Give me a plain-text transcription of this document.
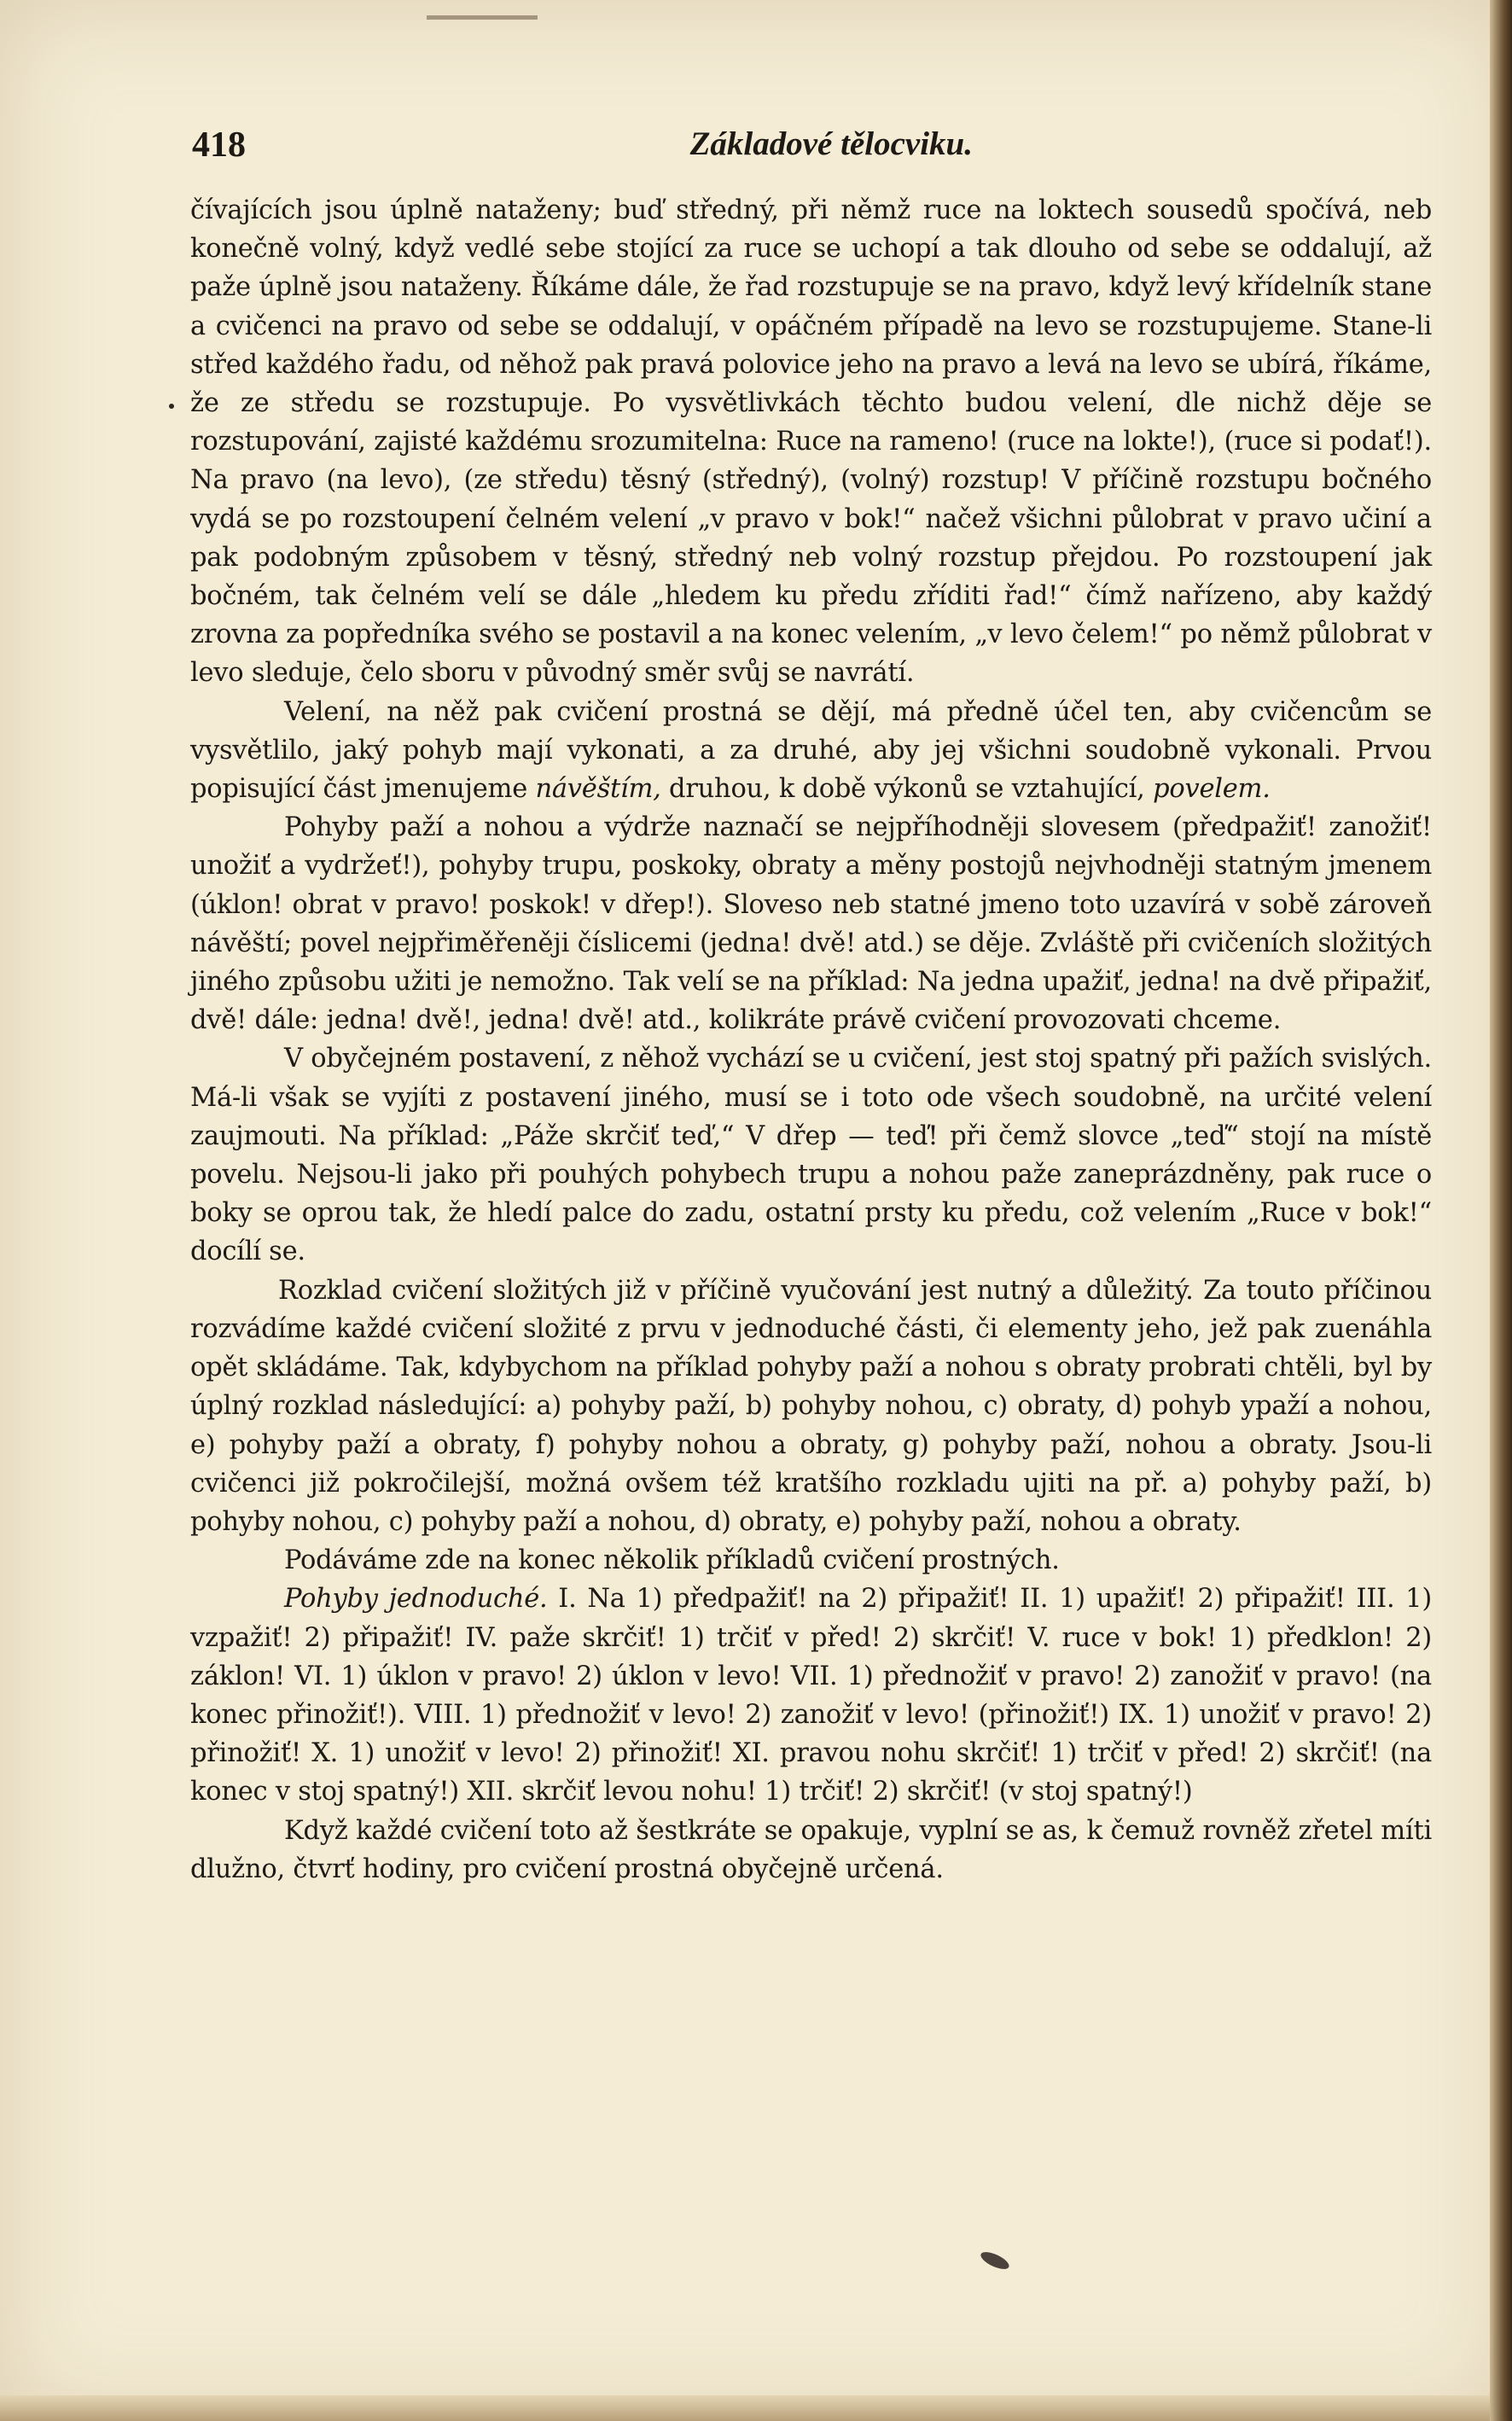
418	Základové tělocviku.

čívajících jsou úplně nataženy; buď středný, při němž ruce na loktech sousedů spočívá, neb konečně volný, když vedlé sebe stojící za ruce se uchopí a tak dlouho od sebe se oddalují, až paže úplně jsou nataženy. Říkáme dále, že řad rozstupuje se na pravo, když levý křídelník stane a cvičenci na pravo od sebe se oddalují, v opáčném případě na levo se rozstupujeme. Stane-li střed každého řadu, od něhož pak pravá polovice jeho na pravo a levá na levo se ubírá, říkáme, že ze středu se rozstupuje. Po vysvětlivkách těchto budou velení, dle nichž děje se rozstupování, zajisté každému srozumitelna: Ruce na rameno! (ruce na lokte!), (ruce si podať!). Na pravo (na levo), (ze středu) těsný (středný), (volný) rozstup! V příčině rozstupu bočného vydá se po rozstoupení čelném velení „v pravo v bok!“ načež všichni půlobrat v pravo učiní a pak podobným způsobem v těsný, středný neb volný rozstup přejdou. Po rozstoupení jak bočném, tak čelném velí se dále „hledem ku předu zříditi řad!“ čímž nařízeno, aby každý zrovna za popředníka svého se postavil a na konec velením, „v levo čelem!“ po němž půlobrat v levo sleduje, čelo sboru v původný směr svůj se navrátí.

Velení, na něž pak cvičení prostná se dějí, má předně účel ten, aby cvičencům se vysvětlilo, jaký pohyb mají vykonati, a za druhé, aby jej všichni soudobně vykonali. Prvou popisující část jmenujeme návěštím, druhou, k době výkonů se vztahující, povelem.

Pohyby paží a nohou a výdrže naznačí se nejpříhodněji slovesem (předpažiť! zanožiť! unožiť a vydržeť!), pohyby trupu, poskoky, obraty a měny postojů nejvhodněji statným jmenem (úklon! obrat v pravo! poskok! v dřep!). Sloveso neb statné jmeno toto uzavírá v sobě zároveň návěští; povel nejpřiměřeněji číslicemi (jedna! dvě! atd.) se děje. Zvláště při cvičeních složitých jiného způsobu užiti je nemožno. Tak velí se na příklad: Na jedna upažiť, jedna! na dvě připažiť, dvě! dále: jedna! dvě!, jedna! dvě! atd., kolikráte právě cvičení provozovati chceme.

V obyčejném postavení, z něhož vychází se u cvičení, jest stoj spatný při pažích svislých. Má-li však se vyjíti z postavení jiného, musí se i toto ode všech soudobně, na určité velení zaujmouti. Na příklad: „Páže skrčiť teď,“ V dřep — teď! při čemž slovce „teď“ stojí na místě povelu. Nejsou-li jako při pouhých pohybech trupu a nohou paže zaneprázdněny, pak ruce o boky se oprou tak, že hledí palce do zadu, ostatní prsty ku předu, což velením „Ruce v bok!“ docílí se.

Rozklad cvičení složitých již v příčině vyučování jest nutný a důležitý. Za touto příčinou rozvádíme každé cvičení složité z prvu v jednoduché části, či elementy jeho, jež pak zuenáhla opět skládáme. Tak, kdybychom na příklad pohyby paží a nohou s obraty probrati chtěli, byl by úplný rozklad následující: a) pohyby paží, b) pohyby nohou, c) obraty, d) pohyb ypaží a nohou, e) pohyby paží a obraty, f) pohyby nohou a obraty, g) pohyby paží, nohou a obraty. Jsou-li cvičenci již pokročilejší, možná ovšem též kratšího rozkladu ujiti na př. a) pohyby paží, b) pohyby nohou, c) pohyby paží a nohou, d) obraty, e) pohyby paží, nohou a obraty.

Podáváme zde na konec několik příkladů cvičení prostných.

Pohyby jednoduché. I. Na 1) předpažiť! na 2) připažiť! II. 1) upažiť! 2) připažiť! III. 1) vzpažiť! 2) připažiť! IV. paže skrčiť! 1) trčiť v před! 2) skrčiť! V. ruce v bok! 1) předklon! 2) záklon! VI. 1) úklon v pravo! 2) úklon v levo! VII. 1) přednožiť v pravo! 2) zanožiť v pravo! (na konec přinožiť!). VIII. 1) přednožiť v levo! 2) zanožiť v levo! (přinožiť!) IX. 1) unožiť v pravo! 2) přinožiť! X. 1) unožiť v levo! 2) přinožiť! XI. pravou nohu skrčiť! 1) trčiť v před! 2) skrčiť! (na konec v stoj spatný!) XII. skrčiť levou nohu! 1) trčiť! 2) skrčiť! (v stoj spatný!)

Když každé cvičení toto až šestkráte se opakuje, vyplní se as, k čemuž rovněž zřetel míti dlužno, čtvrť hodiny, pro cvičení prostná obyčejně určená.
